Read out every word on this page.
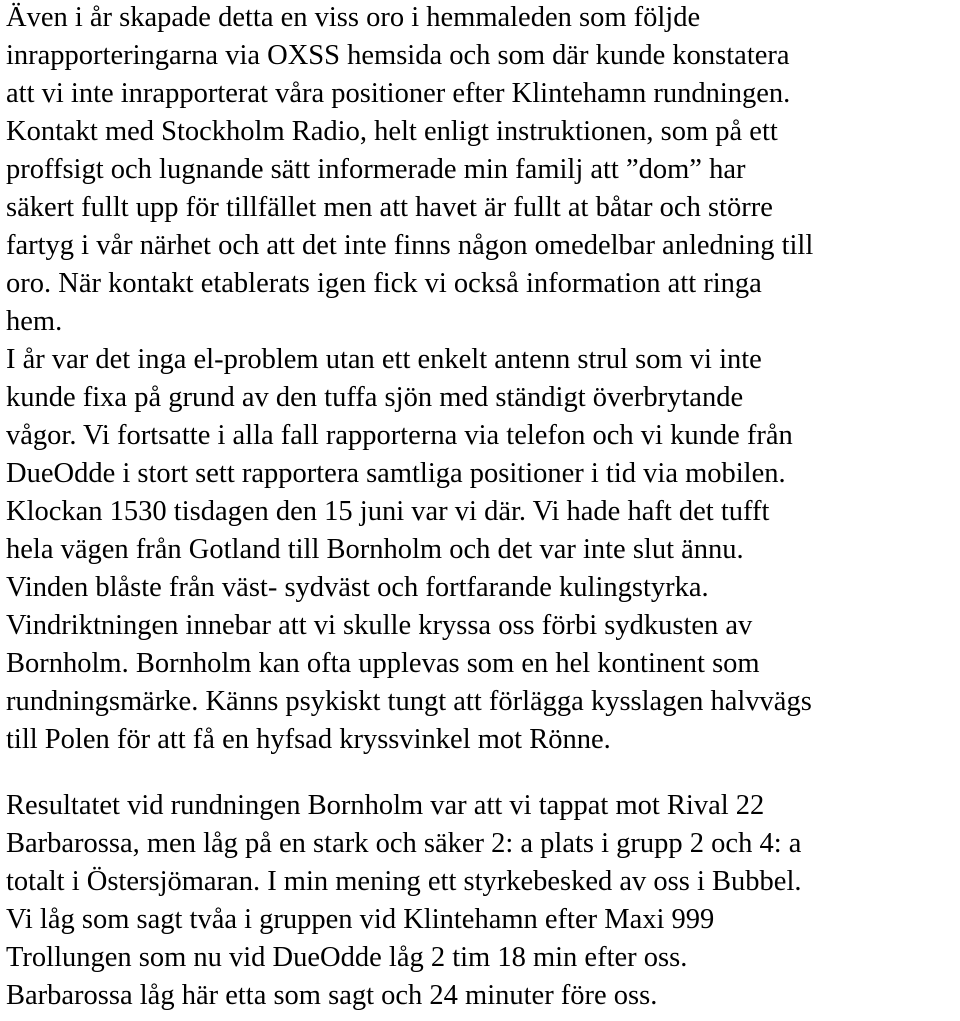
Även i år skapade detta en viss oro i hemmaleden som följde
inrapporteringarna via OXSS hemsida och som där kunde konstatera
att vi inte inrapporterat våra positioner efter Klintehamn rundningen.
Kontakt med Stockholm Radio, helt enligt instruktionen, som på ett
proffsigt och lugnande sätt informerade min familj att ”dom” har
säkert fullt upp för tillfället men att havet är fullt at båtar och större
fartyg i vår närhet och att det inte finns någon omedelbar anledning till
oro. När kontakt etablerats igen fick vi också information att ringa
hem.
I år var det inga el-problem utan ett enkelt antenn strul som vi inte
kunde fixa på grund av den tuffa sjön med ständigt överbrytande
vågor. Vi fortsatte i alla fall rapporterna via telefon och vi kunde från
DueOdde i stort sett rapportera samtliga positioner i tid via mobilen.
Klockan 1530 tisdagen den 15 juni var vi där. Vi hade haft det tufft
hela vägen från Gotland till Bornholm och det var inte slut ännu.
Vinden blåste från väst- sydväst och fortfarande kulingstyrka.
Vindriktningen innebar att vi skulle kryssa oss förbi sydkusten av
Bornholm. Bornholm kan ofta upplevas som en hel kontinent som
rundningsmärke. Känns psykiskt tungt att förlägga kysslagen halvvägs
till Polen för att få en hyfsad kryssvinkel mot Rönne.
Resultatet vid rundningen Bornholm var att vi tappat mot Rival 22
Barbarossa, men låg på en stark och säker 2: a plats i grupp 2 och 4: a
totalt i Östersjömaran. I min mening ett styrkebesked av oss i Bubbel.
Vi låg som sagt tvåa i gruppen vid Klintehamn efter Maxi 999
Trollungen som nu vid DueOdde låg 2 tim 18 min efter oss.
Barbarossa låg här etta som sagt och 24 minuter före oss.
